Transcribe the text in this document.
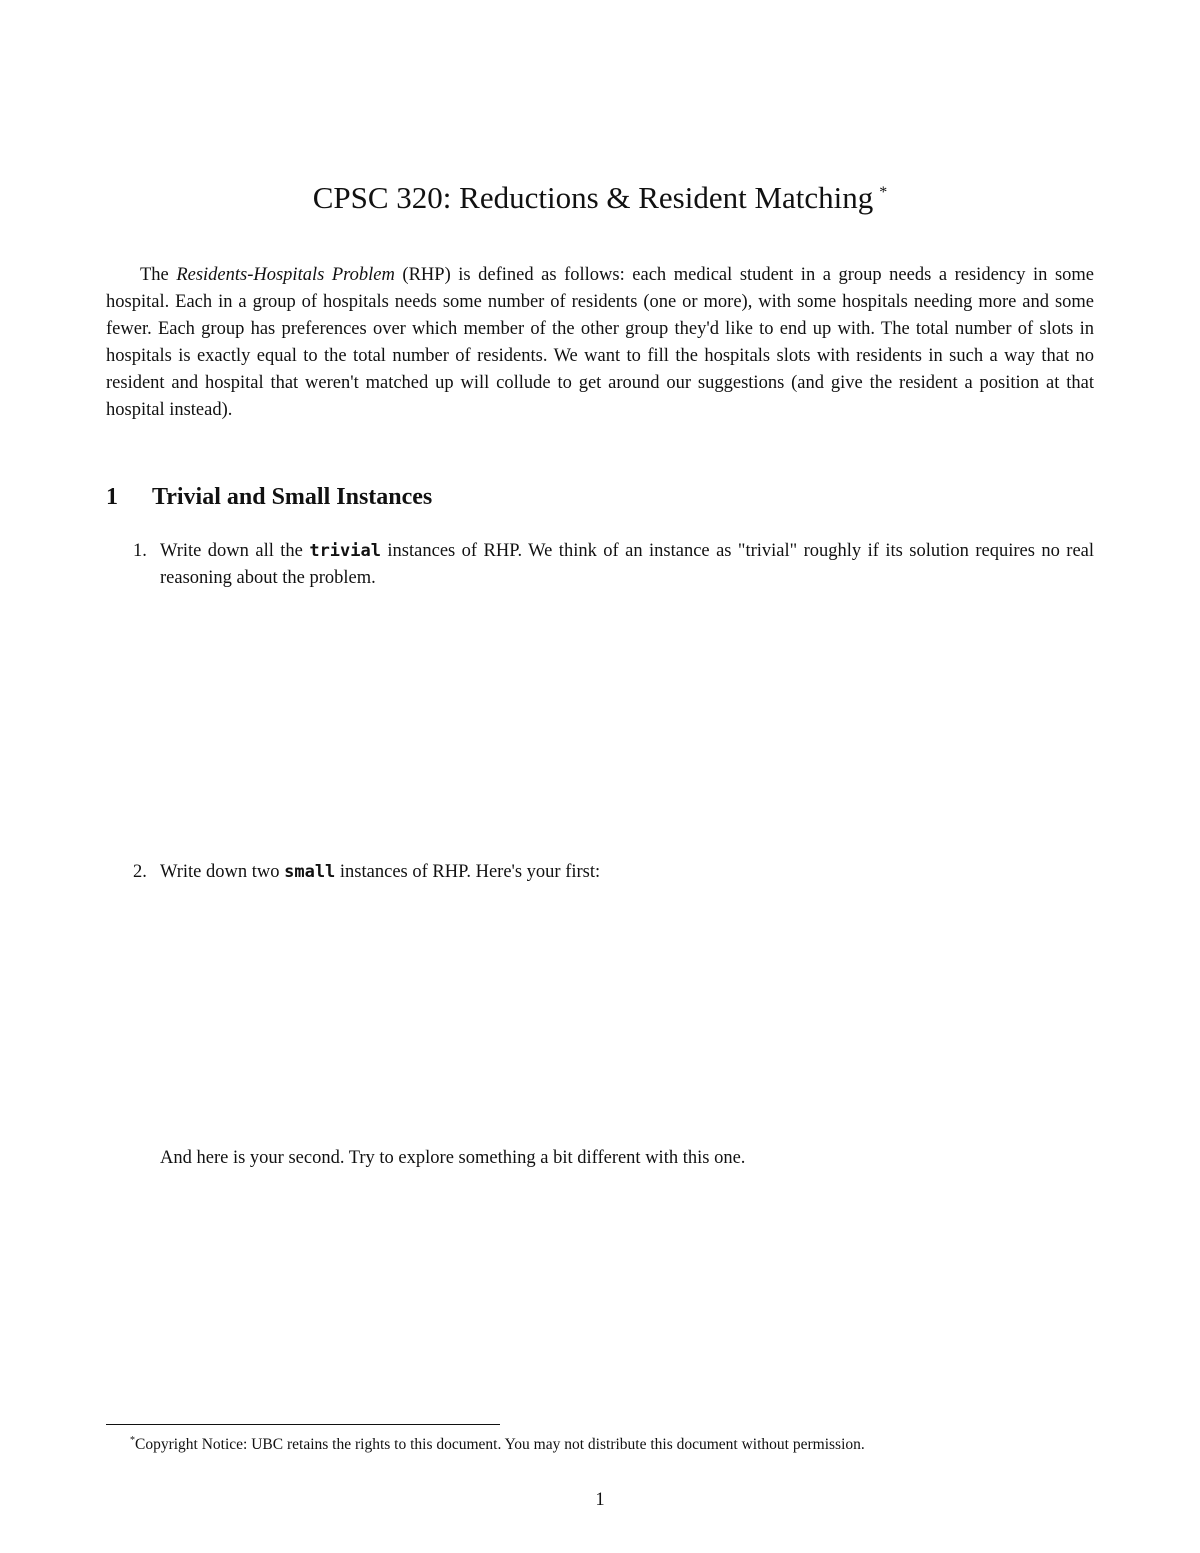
CPSC 320: Reductions & Resident Matching *

The Residents-Hospitals Problem (RHP) is defined as follows: each medical student in a group needs a residency in some hospital. Each in a group of hospitals needs some number of residents (one or more), with some hospitals needing more and some fewer. Each group has preferences over which member of the other group they'd like to end up with. The total number of slots in hospitals is exactly equal to the total number of residents. We want to fill the hospitals slots with residents in such a way that no resident and hospital that weren't matched up will collude to get around our suggestions (and give the resident a position at that hospital instead).

1 Trivial and Small Instances
1. Write down all the trivial instances of RHP. We think of an instance as "trivial" roughly if its solution requires no real reasoning about the problem.
2. Write down two small instances of RHP. Here's your first:
And here is your second. Try to explore something a bit different with this one.
*Copyright Notice: UBC retains the rights to this document. You may not distribute this document without permission.
1
